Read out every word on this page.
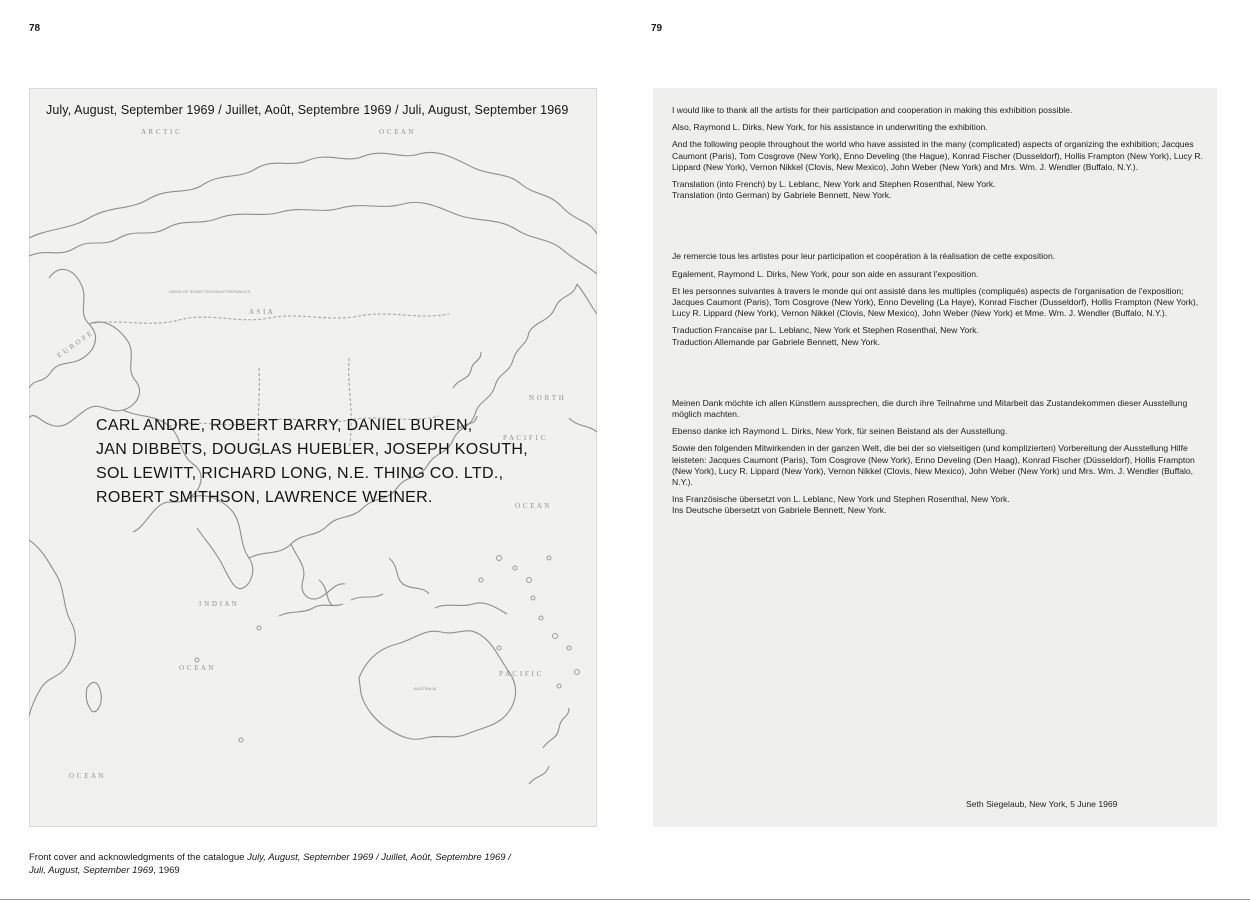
78	79
A R C T I C	O C E A N
A S I A
E U R O P E
N O R T H
P A C I F I C
O C E A N
I N D I A N
O C E A N
P A C I F I C
O C E A N
UNION OF SOVIET SOCIALIST REPUBLICS
AUSTRALIA
July, August, September 1969 / Juillet, Août, Septembre 1969 / Juli, August, September 1969
CARL ANDRE, ROBERT BARRY, DANIEL BUREN,
JAN DIBBETS, DOUGLAS HUEBLER, JOSEPH KOSUTH,
SOL LEWITT, RICHARD LONG, N.E. THING CO. LTD.,
ROBERT SMITHSON, LAWRENCE WEINER.

I would like to thank all the artists for their participation and cooperation in making this exhibition possible.

Also, Raymond L. Dirks, New York, for his assistance in underwriting the exhibition.

And the following people throughout the world who have assisted in the many (complicated) aspects of organizing the exhibition; Jacques Caumont (Paris), Tom Cosgrove (New York), Enno Develing (the Hague), Konrad Fischer (Dusseldorf), Hollis Frampton (New York), Lucy R. Lippard (New York), Vernon Nikkel (Clovis, New Mexico), John Weber (New York) and Mrs. Wm. J. Wendler (Buffalo, N.Y.).

Translation (into French) by L. Leblanc, New York and Stephen Rosenthal, New York.
Translation (into German) by Gabriele Bennett, New York.

Je remercie tous les artistes pour leur participation et coopération à la réalisation de cette exposition.

Egalement, Raymond L. Dirks, New York, pour son aide en assurant l'exposition.

Et les personnes suivantes à travers le monde qui ont assisté dans les multiples (compliqués) aspects de l'organisation de l'exposition; Jacques Caumont (Paris), Tom Cosgrove (New York), Enno Develing (La Haye), Konrad Fischer (Dusseldorf), Hollis Frampton (New York), Lucy R. Lippard (New York), Vernon Nikkel (Clovis, New Mexico), John Weber (New York) et Mme. Wm. J. Wendler (Buffalo, N.Y.).

Traduction Francaise par L. Leblanc, New York et Stephen Rosenthal, New York.
Traduction Allemande par Gabriele Bennett, New York.

Meinen Dank möchte ich allen Künstlern aussprechen, die durch ihre Teilnahme und Mitarbeit das Zustandekommen dieser Ausstellung möglich machten.

Ebenso danke ich Raymond L. Dirks, New York, für seinen Beistand als der Ausstellung.

Sowie den folgenden Mitwirkenden in der ganzen Welt, die bei der so vielseitigen (und komplizierten) Vorbereitung der Ausstellung Hilfe leisteten: Jacques Caumont (Paris), Tom Cosgrove (New York), Enno Develing (Den Haag), Konrad Fischer (Düsseldorf), Hollis Frampton (New York), Lucy R. Lippard (New York), Vernon Nikkel (Clovis, New Mexico), John Weber (New York) und Mrs. Wm. J. Wendler (Buffalo, N.Y.).

Ins Französische übersetzt von L. Leblanc, New York und Stephen Rosenthal, New York.
Ins Deutsche übersetzt von Gabriele Bennett, New York.

Seth Siegelaub, New York, 5 June 1969
Front cover and acknowledgments of the catalogue July, August, September 1969 / Juillet, Août, Septembre 1969 /
Juli, August, September 1969, 1969
